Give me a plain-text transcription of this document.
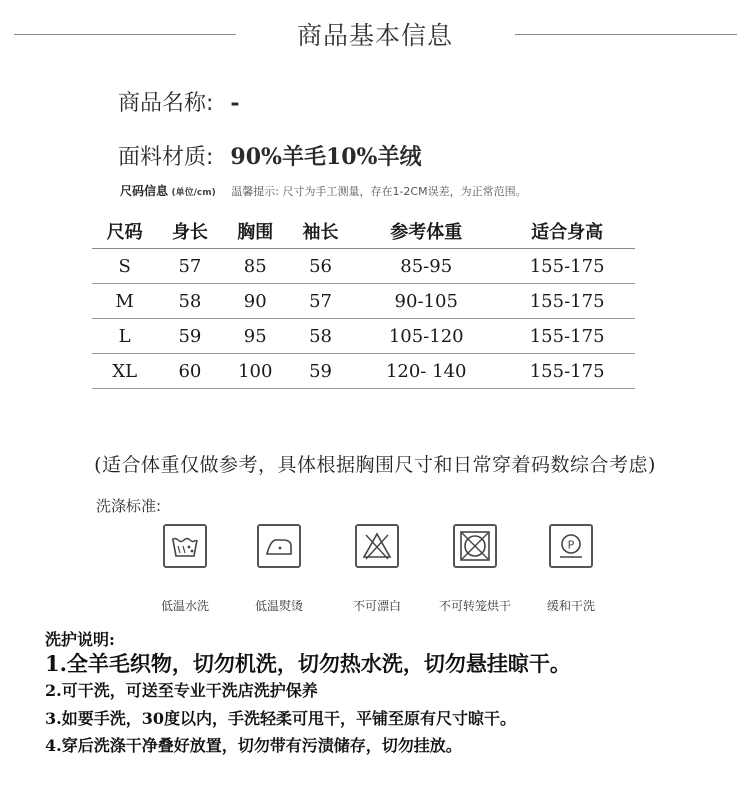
商品基本信息
商品名称: -
面料材质: 90%羊毛10%羊绒
尺码信息 (单位/cm) 温馨提示: 尺寸为手工测量，存在1-2CM误差，为正常范围。
尺码	身长	胸围	袖长	参考体重	适合身高
S	57	85	56	85-95	155-175
M	58	90	57	90-105	155-175
L	59	95	58	105-120	155-175
XL	60	100	59	120- 140	155-175
(适合体重仅做参考，具体根据胸围尺寸和日常穿着码数综合考虑)
洗涤标准:
P
低温水洗	低温熨烫	不可漂白	不可转笼烘干	缓和干洗
洗护说明:
1.全羊毛织物，切勿机洗，切勿热水洗，切勿悬挂晾干。
2.可干洗，可送至专业干洗店洗护保养
3.如要手洗，30度以内，手洗轻柔可甩干，平铺至原有尺寸晾干。
4.穿后洗涤干净叠好放置，切勿带有污渍储存，切勿挂放。
